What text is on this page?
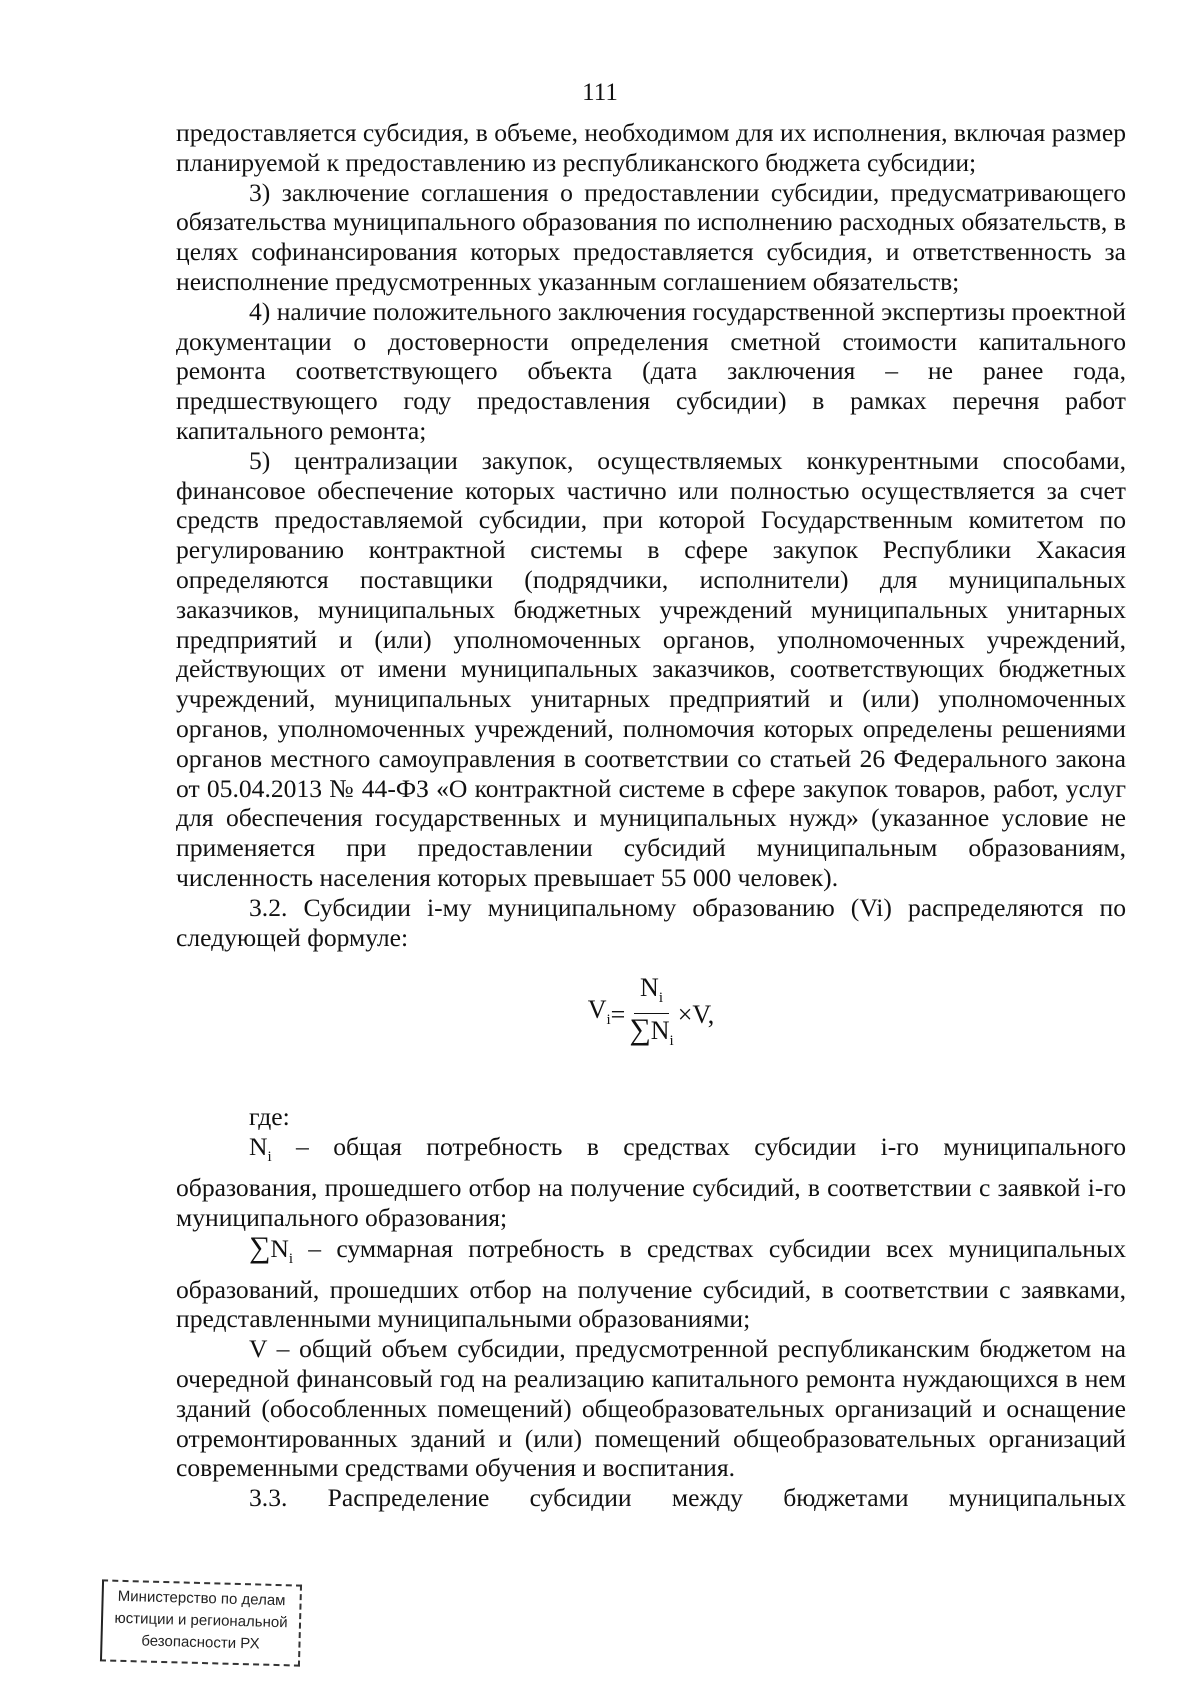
111

предоставляется субсидия, в объеме, необходимом для их исполнения, включая размер планируемой к предоставлению из республиканского бюджета субсидии;

3) заключение соглашения о предоставлении субсидии, предусматривающего обязательства муниципального образования по исполнению расходных обязательств, в целях софинансирования которых предоставляется субсидия, и ответственность за неисполнение предусмотренных указанным соглашением обязательств;

4) наличие положительного заключения государственной экспертизы проектной документации о достоверности определения сметной стоимости капитального ремонта соответствующего объекта (дата заключения – не ранее года, предшествующего году предоставления субсидии) в рамках перечня работ капитального ремонта;

5) централизации закупок, осуществляемых конкурентными способами, финансовое обеспечение которых частично или полностью осуществляется за счет средств предоставляемой субсидии, при которой Государственным комитетом по регулированию контрактной системы в сфере закупок Республики Хакасия определяются поставщики (подрядчики, исполнители) для муниципальных заказчиков, муниципальных бюджетных учреждений муниципальных унитарных предприятий и (или) уполномоченных органов, уполномоченных учреждений, действующих от имени муниципальных заказчиков, соответствующих бюджетных учреждений, муниципальных унитарных предприятий и (или) уполномоченных органов, уполномоченных учреждений, полномочия которых определены решениями органов местного самоуправления в соответствии со статьей 26 Федерального закона от 05.04.2013 № 44-ФЗ «О контрактной системе в сфере закупок товаров, работ, услуг для обеспечения государственных и муниципальных нужд» (указанное условие не применяется при предоставлении субсидий муниципальным образованиям, численность населения которых превышает 55 000 человек).

3.2. Субсидии i-му муниципальному образованию (Vi) распределяются по следующей формуле:

$V_i = \frac{N_i}{\sum N_i} \times V$,

где:

$N_i$ – общая потребность в средствах субсидии i-го муниципального образования, прошедшего отбор на получение субсидий, в соответствии с заявкой i-го муниципального образования;

$\sum N_i$ – суммарная потребность в средствах субсидии всех муниципальных образований, прошедших отбор на получение субсидий, в соответствии с заявками, представленными муниципальными образованиями;

V – общий объем субсидии, предусмотренной республиканским бюджетом на очередной финансовый год на реализацию капитального ремонта нуждающихся в нем зданий (обособленных помещений) общеобразовательных организаций и оснащение отремонтированных зданий и (или) помещений общеобразовательных организаций современными средствами обучения и воспитания.

3.3. Распределение субсидии между бюджетами муниципальных

Министерство по делам
юстиции и региональной
безопасности РХ
